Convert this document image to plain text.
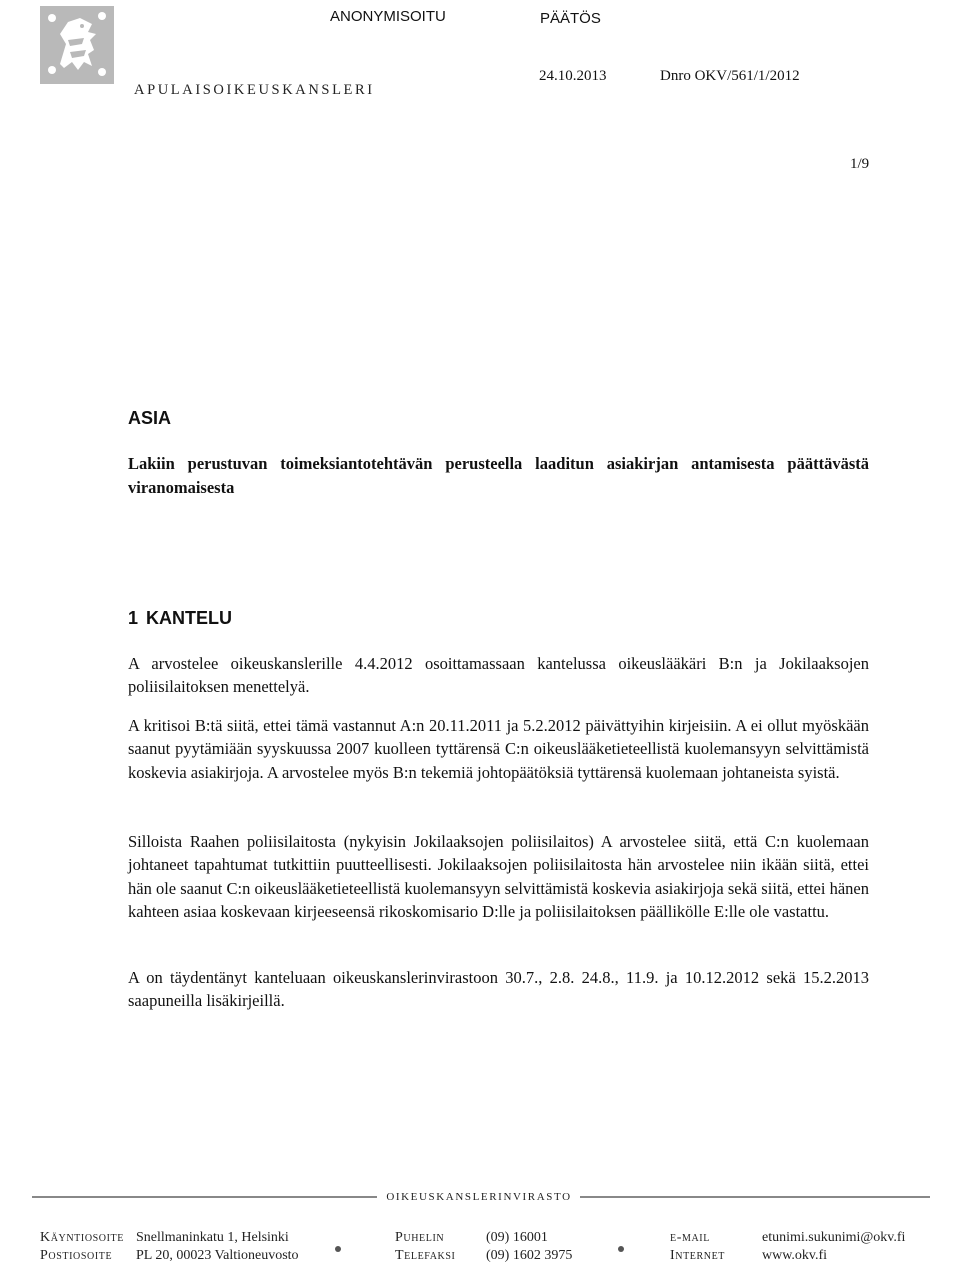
APULAISOIKEUSKANSLERI
ANONYMISOITU	PÄÄTÖS
24.10.2013	Dnro OKV/561/1/2012
1/9
ASIA
Lakiin perustuvan toimeksiantotehtävän perusteella laaditun asiakirjan antamisesta päättävästä viranomaisesta
1 KANTELU
A arvostelee oikeuskanslerille 4.4.2012 osoittamassaan kantelussa oikeuslääkäri B:n ja Jokilaaksojen poliisilaitoksen menettelyä.
A kritisoi B:tä siitä, ettei tämä vastannut A:n 20.11.2011 ja 5.2.2012 päivättyihin kirjeisiin. A ei ollut myöskään saanut pyytämiään syyskuussa 2007 kuolleen tyttärensä C:n oikeuslääketieteellistä kuolemansyyn selvittämistä koskevia asiakirjoja. A arvostelee myös B:n tekemiä johtopäätöksiä tyttärensä kuolemaan johtaneista syistä.
Silloista Raahen poliisilaitosta (nykyisin Jokilaaksojen poliisilaitos) A arvostelee siitä, että C:n kuolemaan johtaneet tapahtumat tutkittiin puutteellisesti. Jokilaaksojen poliisilaitosta hän arvostelee niin ikään siitä, ettei hän ole saanut C:n oikeuslääketieteellistä kuolemansyyn selvittämistä koskevia asiakirjoja sekä siitä, ettei hänen kahteen asiaa koskevaan kirjeeseensä rikoskomisario D:lle ja poliisilaitoksen päällikölle E:lle ole vastattu.
A on täydentänyt kanteluaan oikeuskanslerinvirastoon 30.7., 2.8. 24.8., 11.9. ja 10.12.2012 sekä 15.2.2013 saapuneilla lisäkirjeillä.
oikeuskanslerinvirasto
Käyntiosoite Snellmaninkatu 1, Helsinki
Postiosoite PL 20, 00023 Valtioneuvosto
Puhelin	(09) 16001
Telefaksi (09) 1602 3975
e-mail	etunimi.sukunimi@okv.fi
Internet	www.okv.fi
